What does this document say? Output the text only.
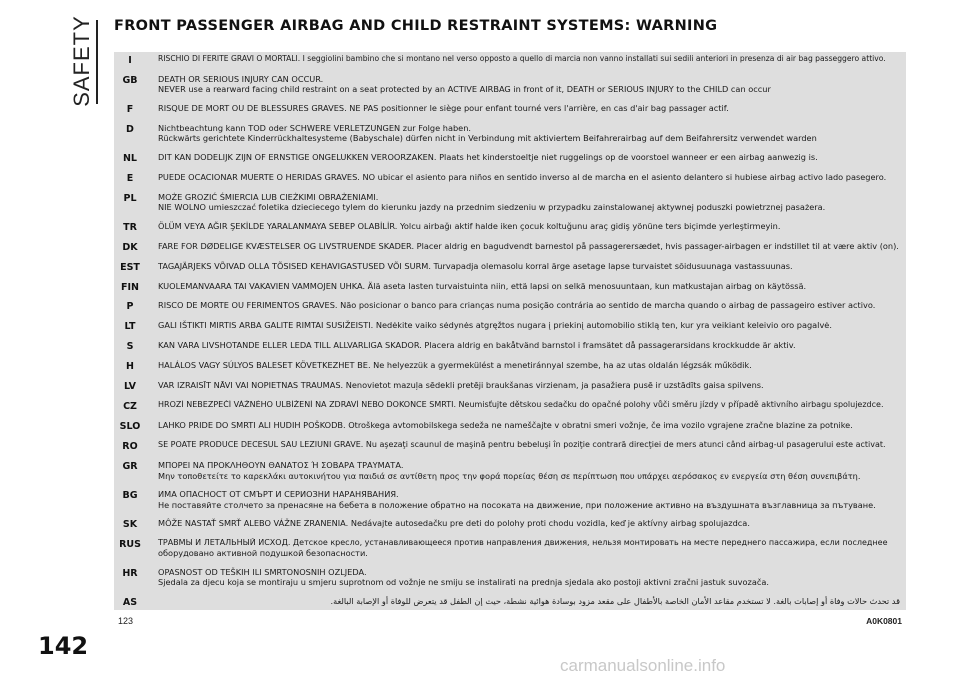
SAFETY FRONT PASSENGER AIRBAG AND CHILD RESTRAINT SYSTEMS: WARNING
I	RISCHIO DI FERITE GRAVI O MORTALI. I seggiolini bambino che si montano nel verso opposto a quello di marcia non vanno installati sui sedili anteriori in presenza di air bag passeggero attivo.
GB	DEATH OR SERIOUS INJURY CAN OCCUR.
NEVER use a rearward facing child restraint on a seat protected by an ACTIVE AIRBAG in front of it, DEATH or SERIOUS INJURY to the CHILD can occur
F	RISQUE DE MORT OU DE BLESSURES GRAVES. NE PAS positionner le siège pour enfant tourné vers l'arrière, en cas d'air bag passager actif.
D	Nichtbeachtung kann TOD oder SCHWERE VERLETZUNGEN zur Folge haben.
Rückwärts gerichtete Kinderrückhaltesysteme (Babyschale) dürfen nicht in Verbindung mit aktiviertem Beifahrerairbag auf dem Beifahrersitz verwendet warden
NL	DIT KAN DODELIJK ZIJN OF ERNSTIGE ONGELUKKEN VEROORZAKEN. Plaats het kinderstoeltje niet ruggelings op de voorstoel wanneer er een airbag aanwezig is.
E	PUEDE OCACIONAR MUERTE O HERIDAS GRAVES. NO ubicar el asiento para niños en sentido inverso al de marcha en el asiento delantero si hubiese airbag activo lado pasegero.
PL	MOŻE GROZIĆ ŚMIERCIA LUB CIEŻKIMI OBRAŻENIAMI.
NIE WOLNO umieszczać foletika dzieciecego tylem do kierunku jazdy na przednim siedzeniu w przypadku zainstalowanej aktywnej poduszki powietrznej pasażera.
TR	ÖLÜM VEYA AĞIR ŞEKİLDE YARALANMAYA SEBEP OLABİLİR. Yolcu airbağı aktif halde iken çocuk koltuğunu araç gidiş yönüne ters biçimde yerleştirmeyin.
DK	FARE FOR DØDELIGE KVÆSTELSER OG LIVSTRUENDE SKADER. Placer aldrig en bagudvendt barnestol på passagerersædet, hvis passager-airbagen er indstillet til at være aktiv (on).
EST	TAGAJÄRJEKS VÕIVAD OLLA TÕSISED KEHAVIGASTUSED VÕI SURM. Turvapadja olemasolu korral ärge asetage lapse turvaistet sõidusuunaga vastassuunas.
FIN	KUOLEMANVAARA TAI VAKAVIEN VAMMOJEN UHKA. Älä aseta lasten turvaistuinta niin, että lapsi on selkä menosuuntaan, kun matkustajan airbag on käytössä.
P	RISCO DE MORTE OU FERIMENTOS GRAVES. Não posicionar o banco para crianças numa posição contrária ao sentido de marcha quando o airbag de passageiro estiver activo.
LT	GALI IŠTIKTI MIRTIS ARBA GALITE RIMTAI SUSIŽEISTI. Nedėkite vaiko sėdynės atgręžtos nugara į priekinį automobilio stiklą ten, kur yra veikiant keleivio oro pagalvė.
S	KAN VARA LIVSHOTANDE ELLER LEDA TILL ALLVARLIGA SKADOR. Placera aldrig en bakåtvänd barnstol i framsätet då passagerarsidans krockkudde är aktiv.
H	HALÁLOS VAGY SÚLYOS BALESET KÖVETKEZHET BE. Ne helyezzük a gyermekülést a menetiránnyal szembe, ha az utas oldalán légzsák működik.
LV	VAR IZRAISĪT NĀVI VAI NOPIETNAS TRAUMAS. Nenovietot mazuļa sēdekli pretēji braukšanas virzienam, ja pasažiera pusē ir uzstādīts gaisa spilvens.
CZ	HROZÍ NEBEZPEČÍ VÁŽNÉHO ULBÍŽENÍ NA ZDRAVÍ NEBO DOKONCE SMRTI. Neumisťujte dětskou sedačku do opačné polohy vůči směru jízdy v případě aktivního airbagu spolujezdce.
SLO	LAHKO PRIDE DO SMRTI ALI HUDIH POŠKODB. Otroškega avtomobilskega sedeža ne nameščajte v obratni smeri vožnje, če ima vozilo vgrajene zračne blazine za potnike.
RO	SE POATE PRODUCE DECESUL SAU LEZIUNI GRAVE. Nu aşezaţi scaunul de maşină pentru bebeluşi în poziţie contrară direcţiei de mers atunci când airbag-ul pasagerului este activat.
GR	ΜΠΟΡΕΙ ΝΑ ΠΡΟΚΛΗΘΟΥΝ ΘΑΝΑΤΟΣ Ή ΣΟΒΑΡΑ ΤΡΑΥΜΑΤΑ.
Μην τοποθετείτε το καρεκλάκι αυτοκινήτου για παιδιά σε αντίθετη προς την φορά πορείας θέση σε περίπτωση που υπάρχει αερόσακος εν ενεργεία στη θέση συνεπιβάτη.
BG	ИМА ОПАСНОСТ ОТ СМЪРТ И СЕРИОЗНИ НАРАНЯВАНИЯ.
Не поставяйте столчето за пренасяне на бебета в положение обратно на посоката на движение, при положение активно на въздушната възглавница за пътуване.
SK	MÔŽE NASTAŤ SMRŤ ALEBO VÁŽNE ZRANENIA. Nedávajte autosedačku pre deti do polohy proti chodu vozidla, keď je aktívny airbag spolujazdca.
RUS	ТРАВМЫ И ЛЕТАЛЬНЫЙ ИСХОД. Детское кресло, устанавливающееся против направления движения, нельзя монтировать на месте переднего пассажира, если последнее
оборудовано активной подушкой безопасности.
HR	OPASNOST OD TEŠKIH ILI SMRTONOSNIH OZLJEDA.
Sjedala za djecu koja se montiraju u smjeru suprotnom od vožnje ne smiju se instalirati na prednja sjedala ako postoji aktivni zračni jastuk suvozača.
AS	قد تحدث حالات وفاة أو إصابات بالغة. لا تستخدم مقاعد الأمان الخاصة بالأطفال على مقعد مزود بوسادة هوائية نشطة، حيث إن الطفل قد يتعرض للوفاة أو الإصابة البالغة.
123	A0K0801
142
carmanualsonline.info
